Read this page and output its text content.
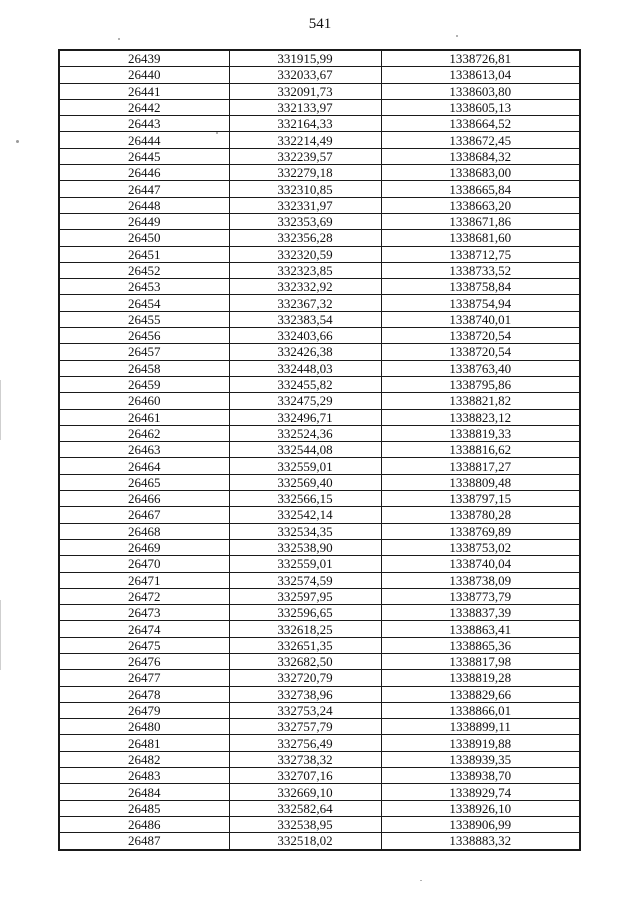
541
26439	331915,99	1338726,81
26440	332033,67	1338613,04
26441	332091,73	1338603,80
26442	332133,97	1338605,13
26443	332164,33	1338664,52
26444	332214,49	1338672,45
26445	332239,57	1338684,32
26446	332279,18	1338683,00
26447	332310,85	1338665,84
26448	332331,97	1338663,20
26449	332353,69	1338671,86
26450	332356,28	1338681,60
26451	332320,59	1338712,75
26452	332323,85	1338733,52
26453	332332,92	1338758,84
26454	332367,32	1338754,94
26455	332383,54	1338740,01
26456	332403,66	1338720,54
26457	332426,38	1338720,54
26458	332448,03	1338763,40
26459	332455,82	1338795,86
26460	332475,29	1338821,82
26461	332496,71	1338823,12
26462	332524,36	1338819,33
26463	332544,08	1338816,62
26464	332559,01	1338817,27
26465	332569,40	1338809,48
26466	332566,15	1338797,15
26467	332542,14	1338780,28
26468	332534,35	1338769,89
26469	332538,90	1338753,02
26470	332559,01	1338740,04
26471	332574,59	1338738,09
26472	332597,95	1338773,79
26473	332596,65	1338837,39
26474	332618,25	1338863,41
26475	332651,35	1338865,36
26476	332682,50	1338817,98
26477	332720,79	1338819,28
26478	332738,96	1338829,66
26479	332753,24	1338866,01
26480	332757,79	1338899,11
26481	332756,49	1338919,88
26482	332738,32	1338939,35
26483	332707,16	1338938,70
26484	332669,10	1338929,74
26485	332582,64	1338926,10
26486	332538,95	1338906,99
26487	332518,02	1338883,32
